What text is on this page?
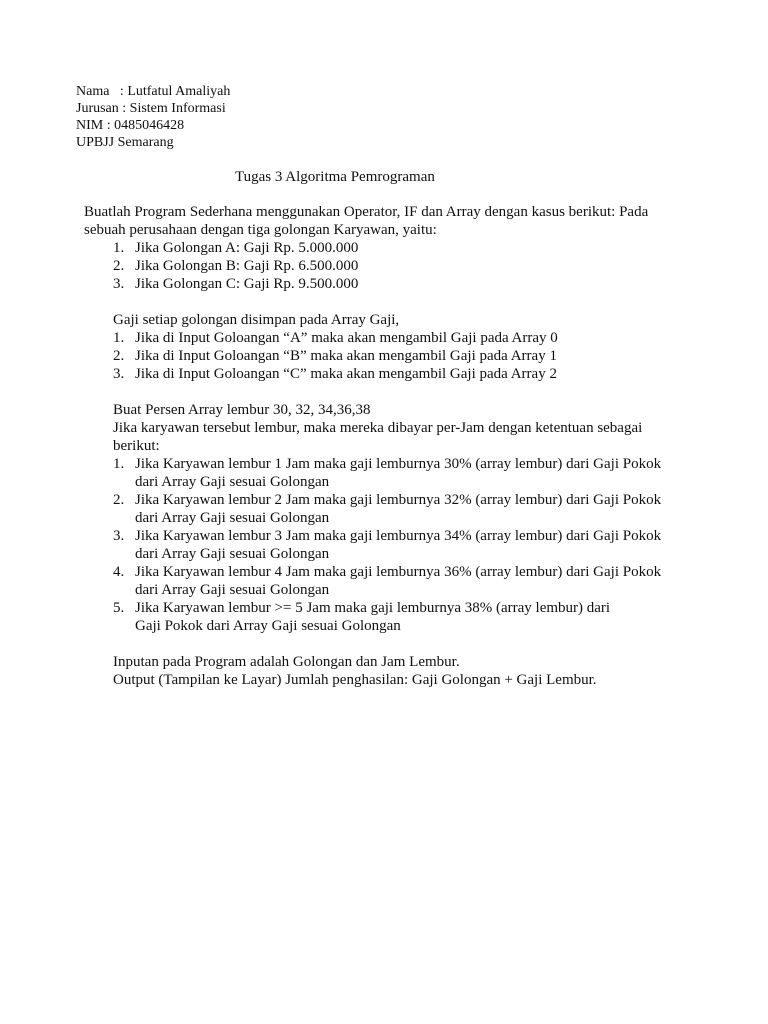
Nama   : Lutfatul Amaliyah
Jurusan : Sistem Informasi
NIM : 0485046428
UPBJJ Semarang
Tugas 3 Algoritma Pemrograman
Buatlah Program Sederhana menggunakan Operator, IF dan Array dengan kasus berikut: Pada
sebuah perusahaan dengan tiga golongan Karyawan, yaitu:
1. Jika Golongan A: Gaji Rp. 5.000.000
2. Jika Golongan B: Gaji Rp. 6.500.000
3. Jika Golongan C: Gaji Rp. 9.500.000
Gaji setiap golongan disimpan pada Array Gaji,
1. Jika di Input Goloangan “A” maka akan mengambil Gaji pada Array 0
2. Jika di Input Goloangan “B” maka akan mengambil Gaji pada Array 1
3. Jika di Input Goloangan “C” maka akan mengambil Gaji pada Array 2
Buat Persen Array lembur 30, 32, 34,36,38
Jika karyawan tersebut lembur, maka mereka dibayar per-Jam dengan ketentuan sebagai
berikut:
1. Jika Karyawan lembur 1 Jam maka gaji lemburnya 30% (array lembur) dari Gaji Pokok
dari Array Gaji sesuai Golongan
2. Jika Karyawan lembur 2 Jam maka gaji lemburnya 32% (array lembur) dari Gaji Pokok
dari Array Gaji sesuai Golongan
3. Jika Karyawan lembur 3 Jam maka gaji lemburnya 34% (array lembur) dari Gaji Pokok
dari Array Gaji sesuai Golongan
4. Jika Karyawan lembur 4 Jam maka gaji lemburnya 36% (array lembur) dari Gaji Pokok
dari Array Gaji sesuai Golongan
5. Jika Karyawan lembur >= 5 Jam maka gaji lemburnya 38% (array lembur) dari
Gaji Pokok dari Array Gaji sesuai Golongan
Inputan pada Program adalah Golongan dan Jam Lembur.
Output (Tampilan ke Layar) Jumlah penghasilan: Gaji Golongan + Gaji Lembur.
